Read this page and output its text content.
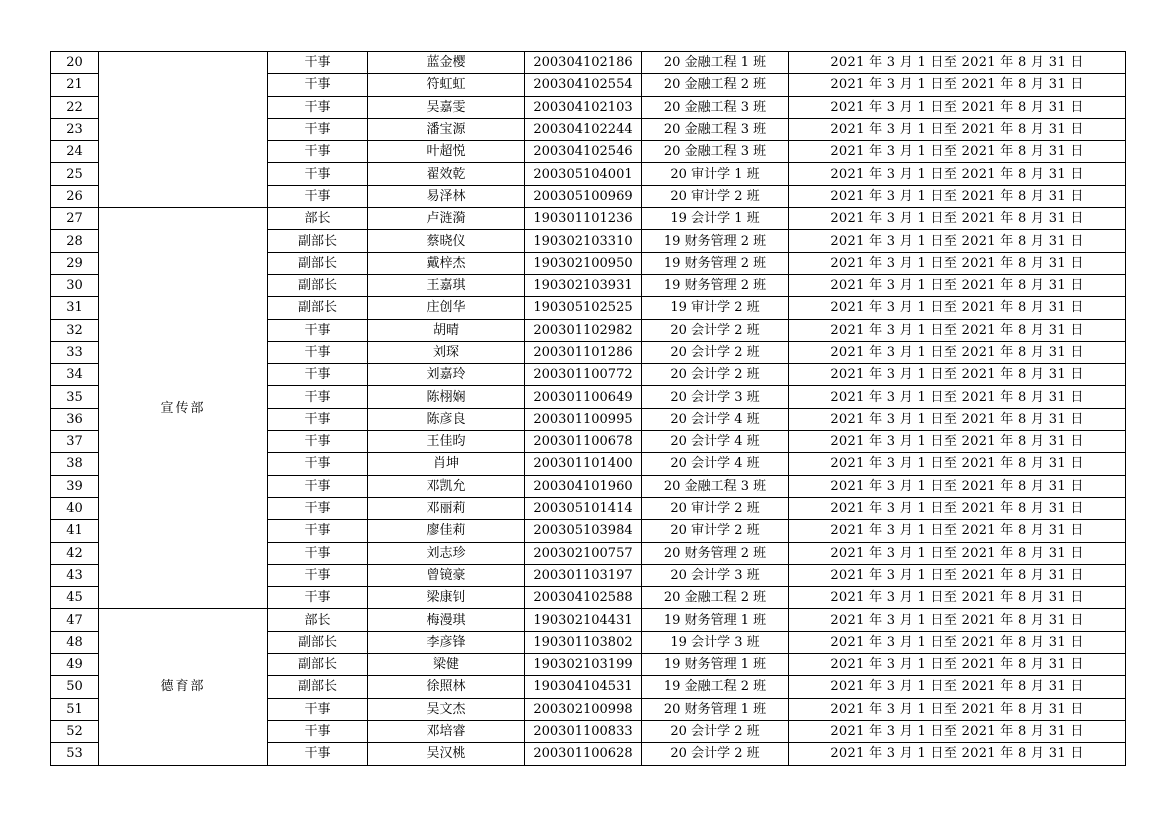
20		干事	蓝金樱	200304102186	20 金融工程 1 班	2021 年 3 月 1 日至 2021 年 8 月 31 日
21		干事	符虹虹	200304102554	20 金融工程 2 班	2021 年 3 月 1 日至 2021 年 8 月 31 日
22		干事	吴嘉雯	200304102103	20 金融工程 3 班	2021 年 3 月 1 日至 2021 年 8 月 31 日
23		干事	潘宝源	200304102244	20 金融工程 3 班	2021 年 3 月 1 日至 2021 年 8 月 31 日
24		干事	叶超悦	200304102546	20 金融工程 3 班	2021 年 3 月 1 日至 2021 年 8 月 31 日
25		干事	翟效乾	200305104001	20 审计学 1 班	2021 年 3 月 1 日至 2021 年 8 月 31 日
26		干事	易泽林	200305100969	20 审计学 2 班	2021 年 3 月 1 日至 2021 年 8 月 31 日
27	宣传部	部长	卢涟漪	190301101236	19 会计学 1 班	2021 年 3 月 1 日至 2021 年 8 月 31 日
28		副部长	蔡晓仪	190302103310	19 财务管理 2 班	2021 年 3 月 1 日至 2021 年 8 月 31 日
29		副部长	戴梓杰	190302100950	19 财务管理 2 班	2021 年 3 月 1 日至 2021 年 8 月 31 日
30		副部长	王嘉琪	190302103931	19 财务管理 2 班	2021 年 3 月 1 日至 2021 年 8 月 31 日
31		副部长	庄创华	190305102525	19 审计学 2 班	2021 年 3 月 1 日至 2021 年 8 月 31 日
32		干事	胡晴	200301102982	20 会计学 2 班	2021 年 3 月 1 日至 2021 年 8 月 31 日
33		干事	刘琛	200301101286	20 会计学 2 班	2021 年 3 月 1 日至 2021 年 8 月 31 日
34		干事	刘嘉玲	200301100772	20 会计学 2 班	2021 年 3 月 1 日至 2021 年 8 月 31 日
35		干事	陈栩娴	200301100649	20 会计学 3 班	2021 年 3 月 1 日至 2021 年 8 月 31 日
36		干事	陈彦良	200301100995	20 会计学 4 班	2021 年 3 月 1 日至 2021 年 8 月 31 日
37		干事	王佳昀	200301100678	20 会计学 4 班	2021 年 3 月 1 日至 2021 年 8 月 31 日
38		干事	肖坤	200301101400	20 会计学 4 班	2021 年 3 月 1 日至 2021 年 8 月 31 日
39		干事	邓凯允	200304101960	20 金融工程 3 班	2021 年 3 月 1 日至 2021 年 8 月 31 日
40		干事	邓丽莉	200305101414	20 审计学 2 班	2021 年 3 月 1 日至 2021 年 8 月 31 日
41		干事	廖佳莉	200305103984	20 审计学 2 班	2021 年 3 月 1 日至 2021 年 8 月 31 日
42		干事	刘志珍	200302100757	20 财务管理 2 班	2021 年 3 月 1 日至 2021 年 8 月 31 日
43		干事	曾镜豪	200301103197	20 会计学 3 班	2021 年 3 月 1 日至 2021 年 8 月 31 日
45		干事	梁康钊	200304102588	20 金融工程 2 班	2021 年 3 月 1 日至 2021 年 8 月 31 日
47	德育部	部长	梅漫琪	190302104431	19 财务管理 1 班	2021 年 3 月 1 日至 2021 年 8 月 31 日
48		副部长	李彦锋	190301103802	19 会计学 3 班	2021 年 3 月 1 日至 2021 年 8 月 31 日
49		副部长	梁健	190302103199	19 财务管理 1 班	2021 年 3 月 1 日至 2021 年 8 月 31 日
50		副部长	徐照林	190304104531	19 金融工程 2 班	2021 年 3 月 1 日至 2021 年 8 月 31 日
51		干事	吴文杰	200302100998	20 财务管理 1 班	2021 年 3 月 1 日至 2021 年 8 月 31 日
52		干事	邓培睿	200301100833	20 会计学 2 班	2021 年 3 月 1 日至 2021 年 8 月 31 日
53		干事	吴汉桃	200301100628	20 会计学 2 班	2021 年 3 月 1 日至 2021 年 8 月 31 日
